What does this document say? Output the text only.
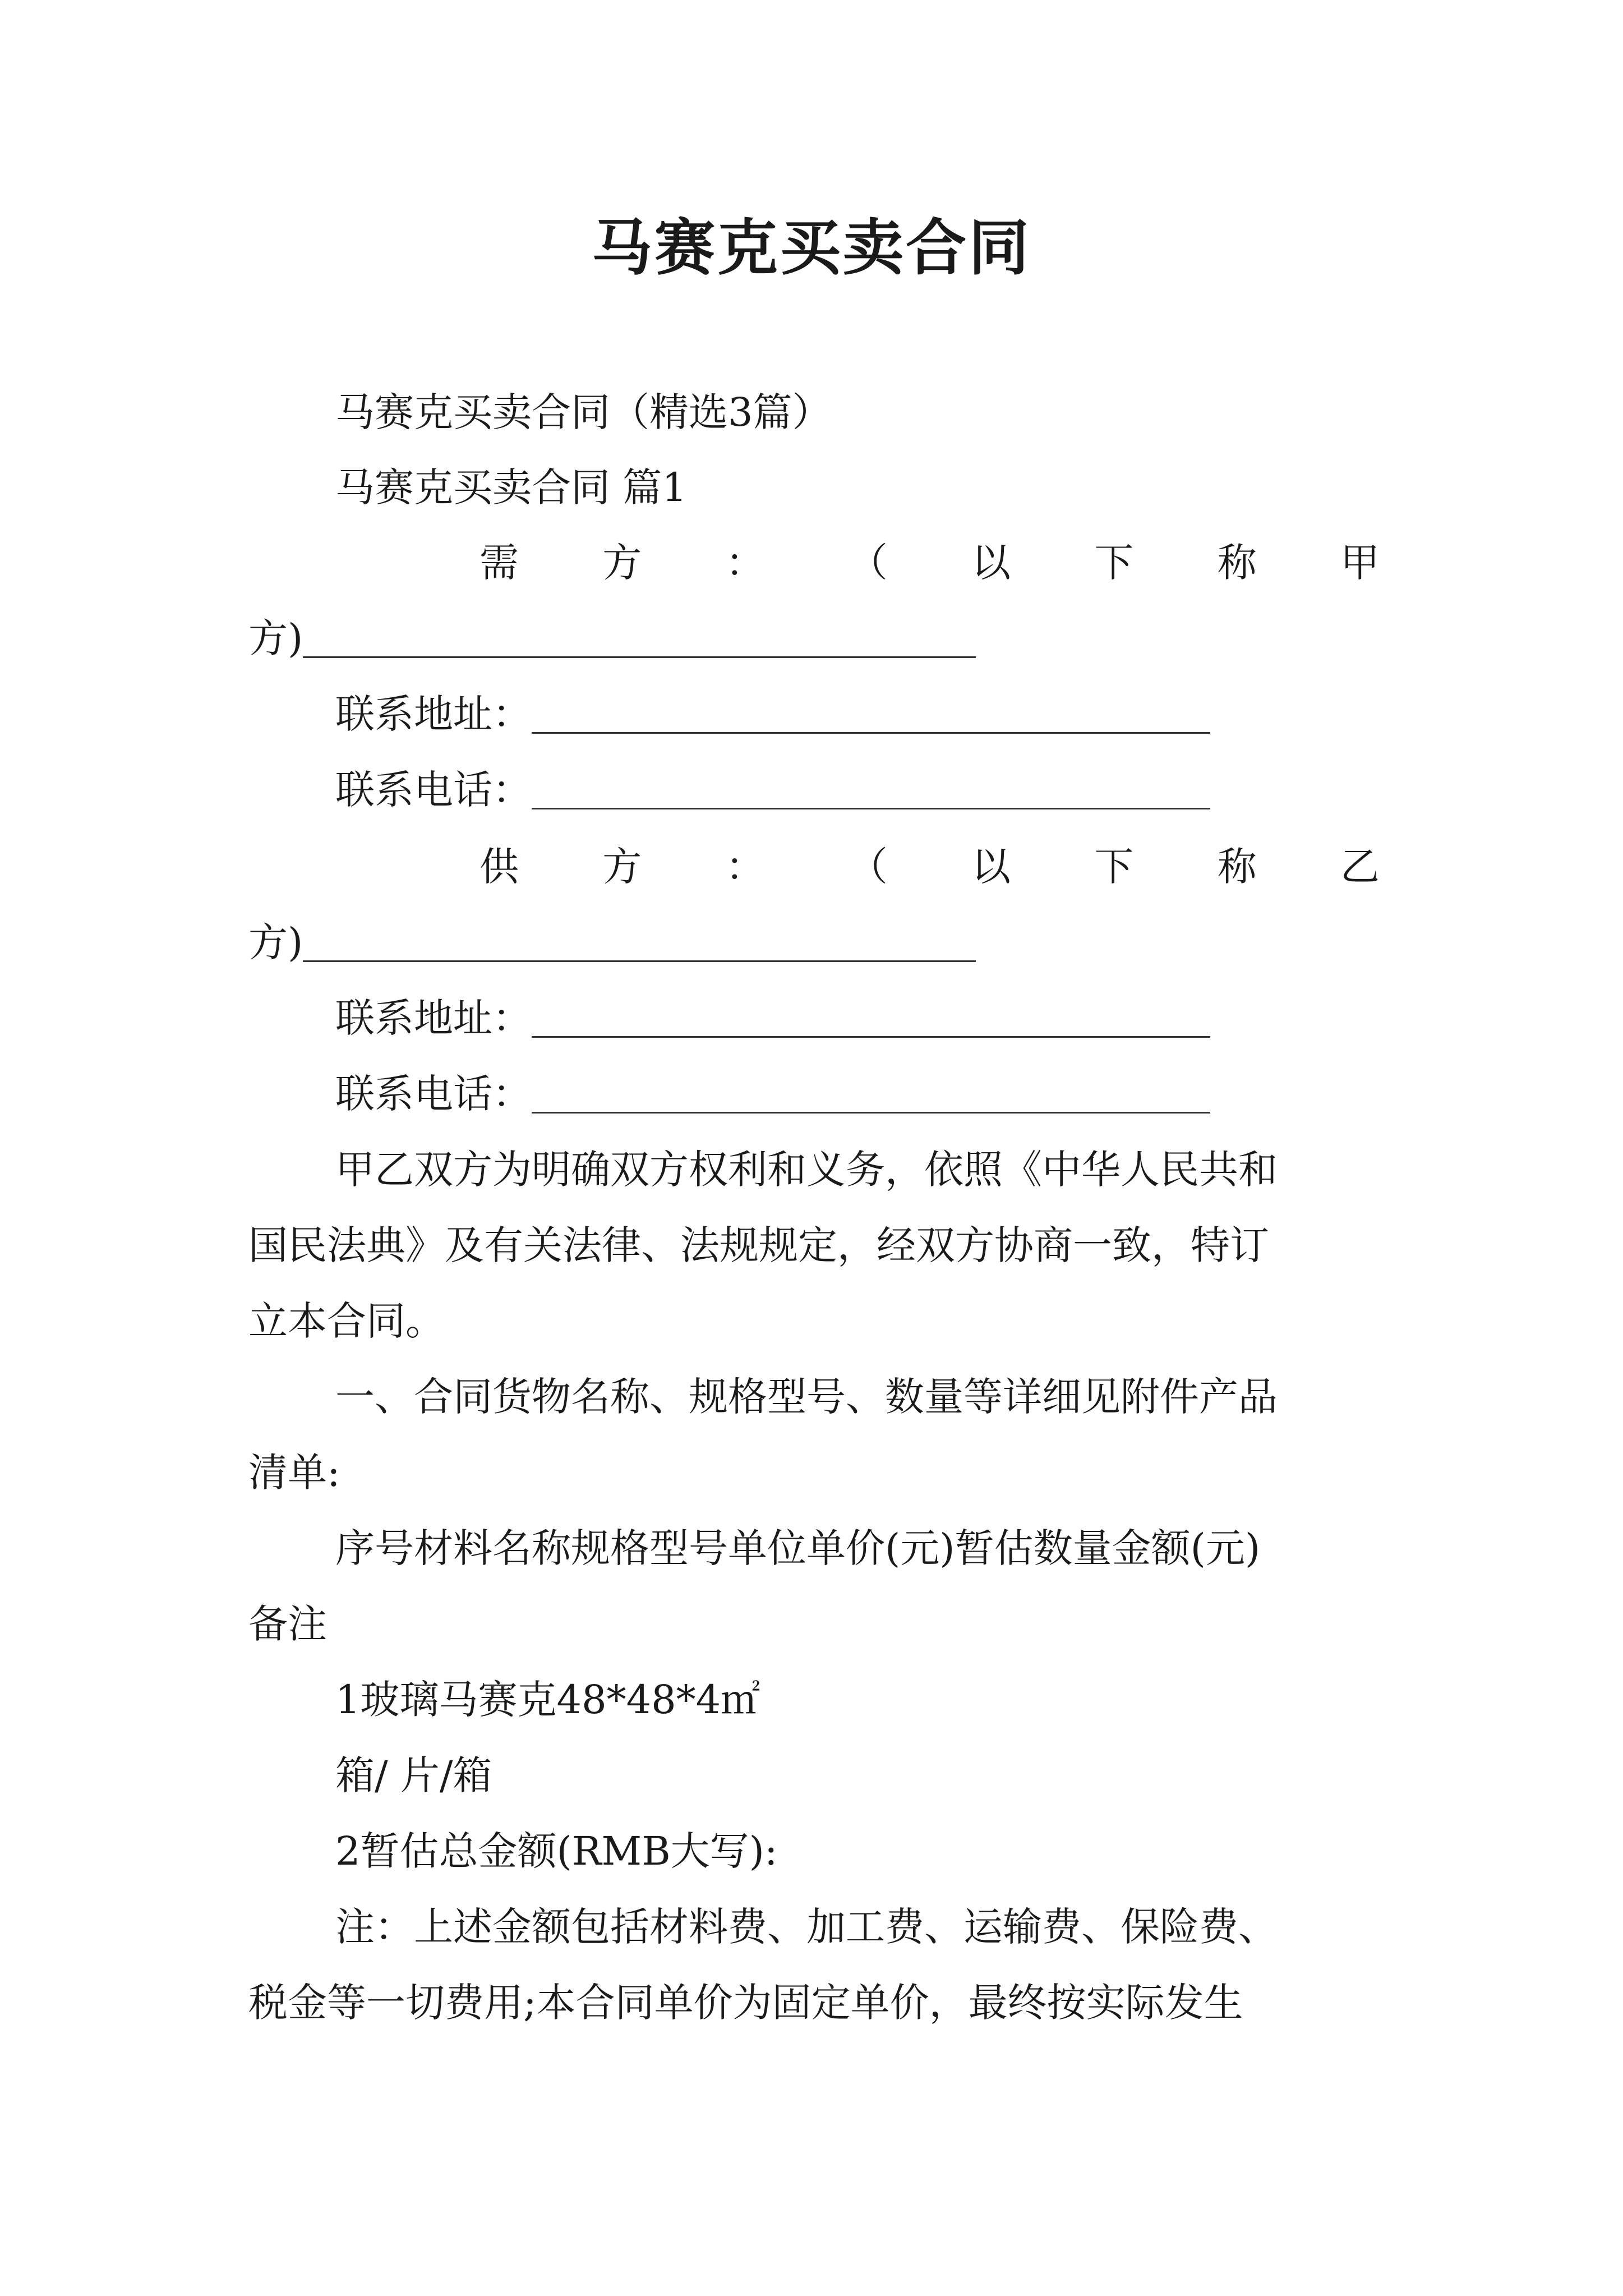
马赛克买卖合同
马赛克买卖合同（精选3篇）
马赛克买卖合同 篇1
需 方 ： （ 以 下 称 甲
方)
联系地址：
联系电话：
供 方 ： （ 以 下 称 乙
方)
联系地址：
联系电话：
甲乙双方为明确双方权利和义务，依照《中华人民共和
国民法典》及有关法律、法规规定，经双方协商一致，特订
立本合同。
一、合同货物名称、规格型号、数量等详细见附件产品
清单:
序号材料名称规格型号单位单价(元)暂估数量金额(元)
备注
1玻璃马赛克48*48*4㎡
箱/ 片/箱
2暂估总金额(RMB大写):
注：上述金额包括材料费、加工费、运输费、保险费、
税金等一切费用;本合同单价为固定单价，最终按实际发生
